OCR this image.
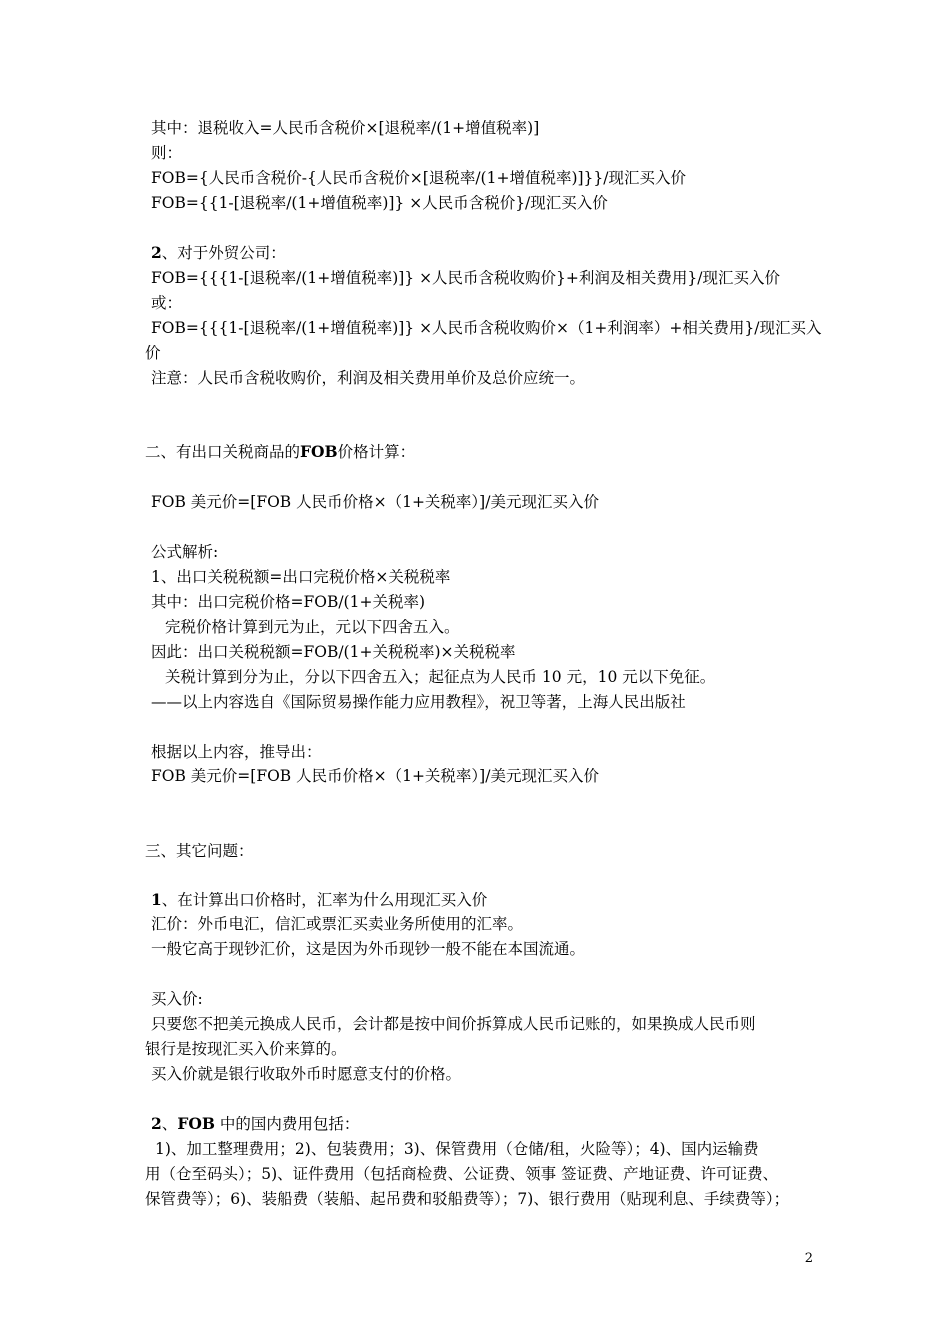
其中：退税收入=人民币含税价×[退税率/(1+增值税率)]
则：
FOB={人民币含税价-{人民币含税价×[退税率/(1+增值税率)]}}/现汇买入价
FOB={{1-[退税率/(1+增值税率)]} ×人民币含税价}/现汇买入价
2、对于外贸公司：
FOB={{{1-[退税率/(1+增值税率)]} ×人民币含税收购价}+利润及相关费用}/现汇买入价
或：
FOB={{{1-[退税率/(1+增值税率)]} ×人民币含税收购价×（1+利润率）+相关费用}/现汇买入
价
注意：人民币含税收购价，利润及相关费用单价及总价应统一。
二、有出口关税商品的FOB价格计算：
FOB 美元价=[FOB 人民币价格×（1+关税率）]/美元现汇买入价
公式解析:
1、出口关税税额=出口完税价格×关税税率
其中：出口完税价格=FOB/(1+关税率)
完税价格计算到元为止，元以下四舍五入。
因此：出口关税税额=FOB/(1+关税税率)×关税税率
关税计算到分为止，分以下四舍五入；起征点为人民币 10 元，10 元以下免征。
——以上内容选自《国际贸易操作能力应用教程》，祝卫等著，上海人民出版社
根据以上内容，推导出：
FOB 美元价=[FOB 人民币价格×（1+关税率）]/美元现汇买入价
三、其它问题：
1、在计算出口价格时，汇率为什么用现汇买入价
汇价：外币电汇，信汇或票汇买卖业务所使用的汇率。
一般它高于现钞汇价，这是因为外币现钞一般不能在本国流通。
买入价:
只要您不把美元换成人民币，会计都是按中间价拆算成人民币记账的，如果换成人民币则
银行是按现汇买入价来算的。
买入价就是银行收取外币时愿意支付的价格。
2、FOB 中的国内费用包括：
1)、加工整理费用；2)、包装费用；3)、保管费用（仓储/租，火险等）；4)、国内运输费
用（仓至码头）；5)、证件费用（包括商检费、公证费、领事 签证费、产地证费、许可证费、
保管费等）；6)、装船费（装船、起吊费和驳船费等）；7)、银行费用（贴现利息、手续费等）；
2
